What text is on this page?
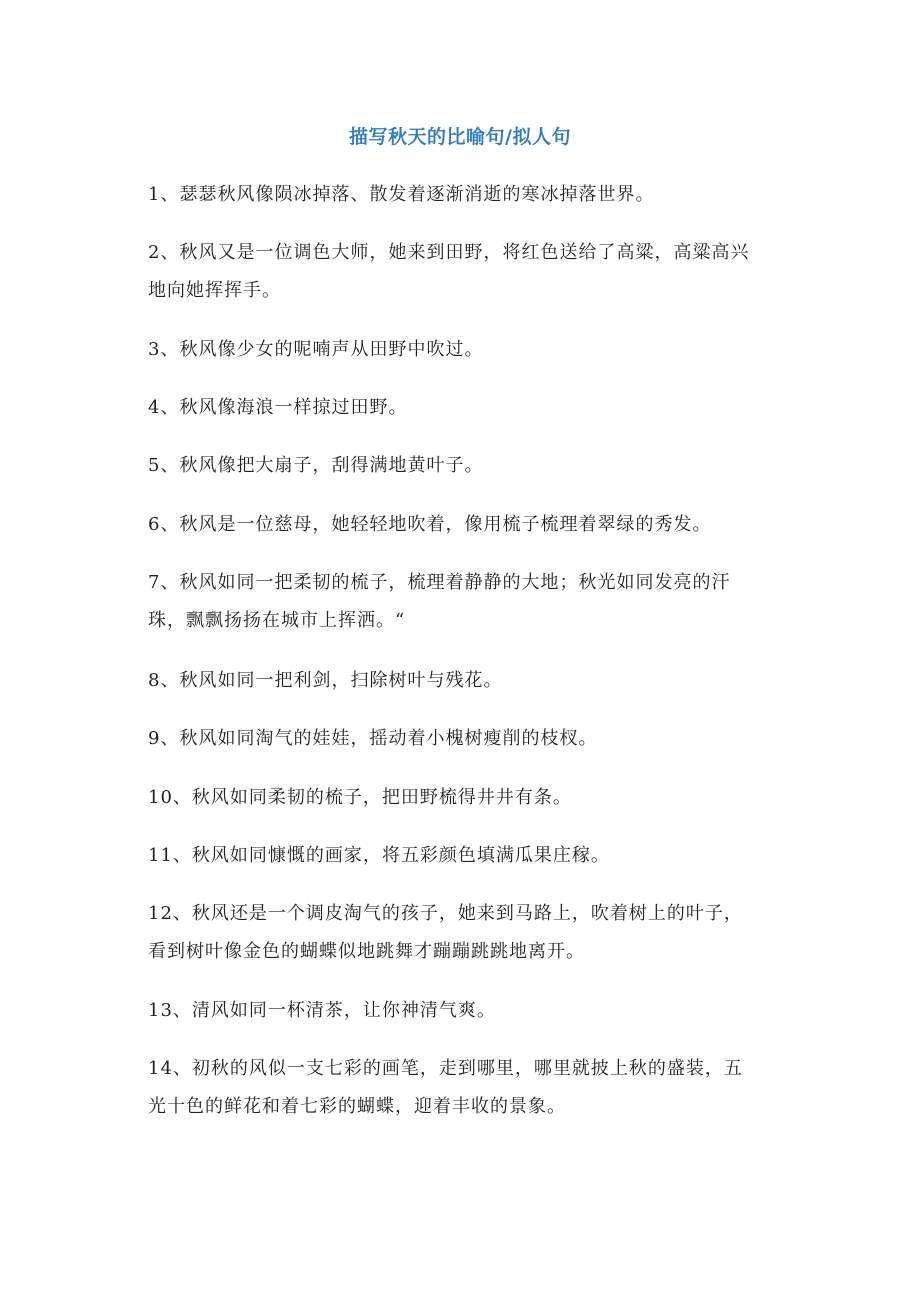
描写秋天的比喻句/拟人句
1、瑟瑟秋风像陨冰掉落、散发着逐渐消逝的寒冰掉落世界。
2、秋风又是一位调色大师，她来到田野，将红色送给了高粱，高粱高兴
地向她挥挥手。
3、秋风像少女的呢喃声从田野中吹过。
4、秋风像海浪一样掠过田野。
5、秋风像把大扇子，刮得满地黄叶子。
6、秋风是一位慈母，她轻轻地吹着，像用梳子梳理着翠绿的秀发。
7、秋风如同一把柔韧的梳子，梳理着静静的大地；秋光如同发亮的汗
珠，飘飘扬扬在城市上挥洒。“
8、秋风如同一把利剑，扫除树叶与残花。
9、秋风如同淘气的娃娃，摇动着小槐树瘦削的枝杈。
10、秋风如同柔韧的梳子，把田野梳得井井有条。
11、秋风如同慷慨的画家，将五彩颜色填满瓜果庄稼。
12、秋风还是一个调皮淘气的孩子，她来到马路上，吹着树上的叶子，
看到树叶像金色的蝴蝶似地跳舞才蹦蹦跳跳地离开。
13、清风如同一杯清茶，让你神清气爽。
14、初秋的风似一支七彩的画笔，走到哪里，哪里就披上秋的盛装，五
光十色的鲜花和着七彩的蝴蝶，迎着丰收的景象。
